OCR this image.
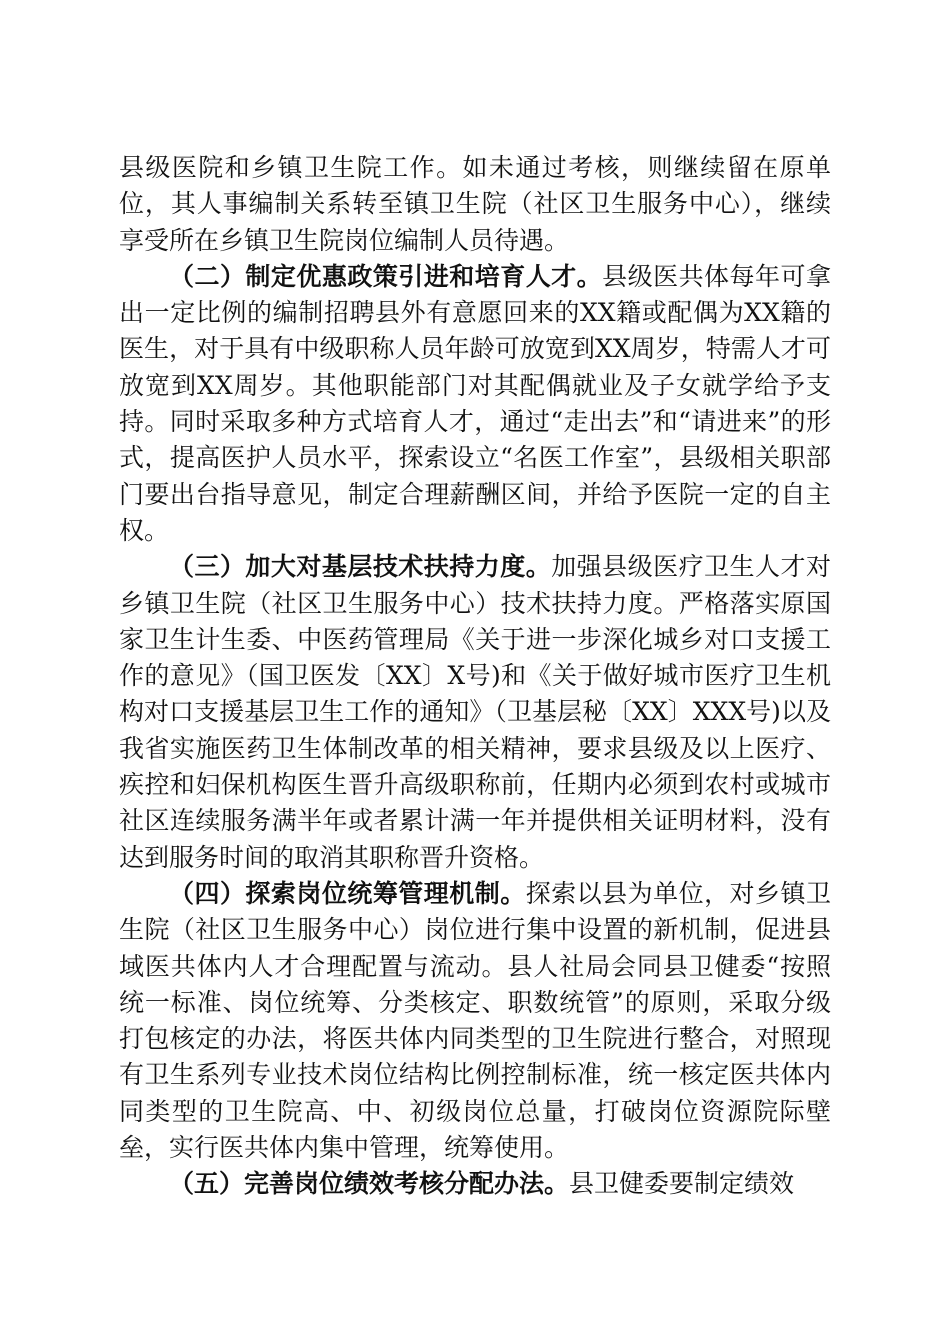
县级医院和乡镇卫生院工作。如未通过考核，则继续留在原单位，其人事编制关系转至镇卫生院（社区卫生服务中心），继续享受所在乡镇卫生院岗位编制人员待遇。

（二）制定优惠政策引进和培育人才。县级医共体每年可拿出一定比例的编制招聘县外有意愿回来的XX籍或配偶为XX籍的医生，对于具有中级职称人员年龄可放宽到XX周岁，特需人才可放宽到XX周岁。其他职能部门对其配偶就业及子女就学给予支持。同时采取多种方式培育人才，通过“走出去”和“请进来”的形式，提高医护人员水平，探索设立“名医工作室”，县级相关职部门要出台指导意见，制定合理薪酬区间，并给予医院一定的自主权。

（三）加大对基层技术扶持力度。加强县级医疗卫生人才对乡镇卫生院（社区卫生服务中心）技术扶持力度。严格落实原国家卫生计生委、中医药管理局《关于进一步深化城乡对口支援工作的意见》（国卫医发〔XX〕X号)和《关于做好城市医疗卫生机构对口支援基层卫生工作的通知》（卫基层秘〔XX〕XXX号)以及我省实施医药卫生体制改革的相关精神，要求县级及以上医疗、疾控和妇保机构医生晋升高级职称前，任期内必须到农村或城市社区连续服务满半年或者累计满一年并提供相关证明材料，没有达到服务时间的取消其职称晋升资格。

（四）探索岗位统筹管理机制。探索以县为单位，对乡镇卫生院（社区卫生服务中心）岗位进行集中设置的新机制，促进县域医共体内人才合理配置与流动。县人社局会同县卫健委“按照统一标准、岗位统筹、分类核定、职数统管”的原则，采取分级打包核定的办法，将医共体内同类型的卫生院进行整合，对照现有卫生系列专业技术岗位结构比例控制标准，统一核定医共体内同类型的卫生院高、中、初级岗位总量，打破岗位资源院际壁垒，实行医共体内集中管理，统筹使用。

（五）完善岗位绩效考核分配办法。县卫健委要制定绩效
